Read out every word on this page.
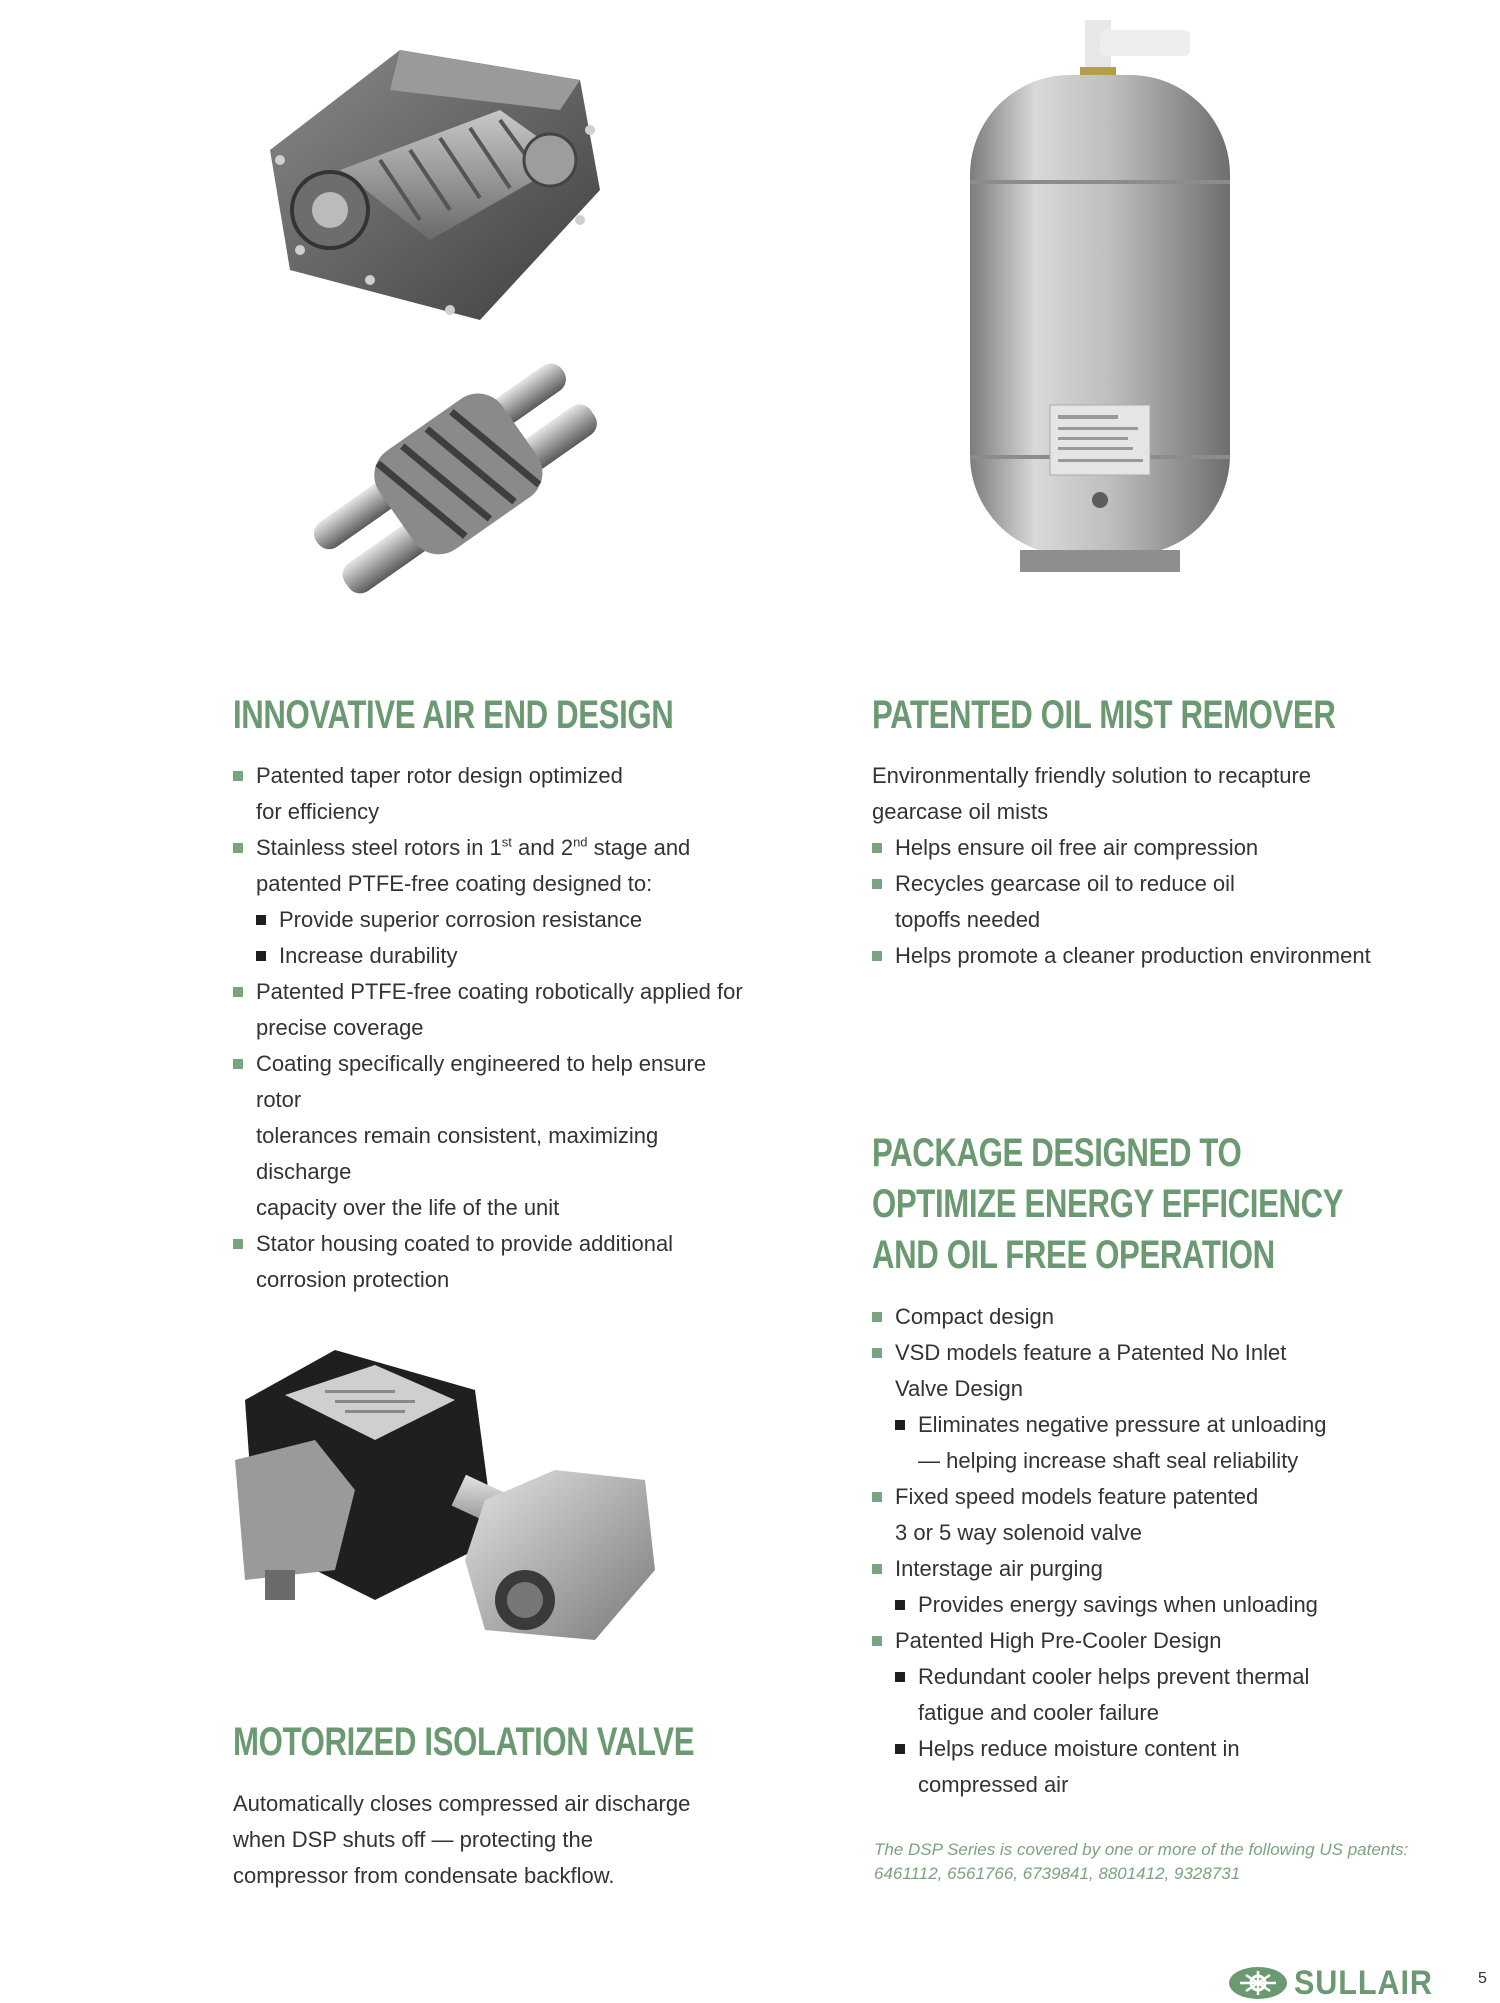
INNOVATIVE AIR END DESIGN
Patented taper rotor design optimized
for efficiency
Stainless steel rotors in 1st and 2nd stage and
patented PTFE-free coating designed to:
Provide superior corrosion resistance
Increase durability
Patented PTFE-free coating robotically applied for
precise coverage
Coating specifically engineered to help ensure rotor
tolerances remain consistent, maximizing discharge
capacity over the life of the unit
Stator housing coated to provide additional
corrosion protection
PATENTED OIL MIST REMOVER
Environmentally friendly solution to recapture
gearcase oil mists
Helps ensure oil free air compression
Recycles gearcase oil to reduce oil
topoffs needed
Helps promote a cleaner production environment
PACKAGE DESIGNED TO
OPTIMIZE ENERGY EFFICIENCY
AND OIL FREE OPERATION
Compact design
VSD models feature a Patented No Inlet
Valve Design
Eliminates negative pressure at unloading
— helping increase shaft seal reliability
Fixed speed models feature patented
3 or 5 way solenoid valve
Interstage air purging
Provides energy savings when unloading
Patented High Pre-Cooler Design
Redundant cooler helps prevent thermal
fatigue and cooler failure
Helps reduce moisture content in
compressed air
The DSP Series is covered by one or more of the following US patents:
6461112, 6561766, 6739841, 8801412, 9328731
MOTORIZED ISOLATION VALVE
Automatically closes compressed air discharge
when DSP shuts off — protecting the
compressor from condensate backflow.
SULLAIR	5
